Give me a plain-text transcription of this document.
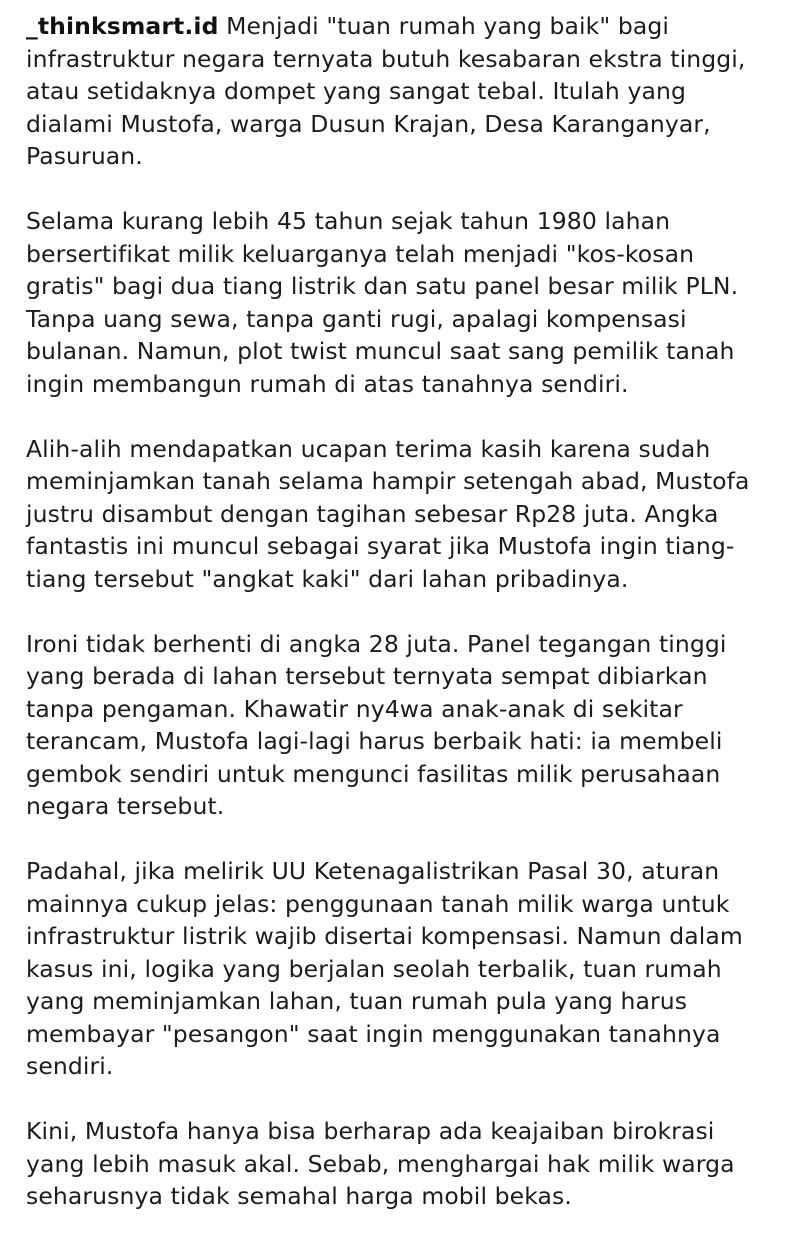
_thinksmart.id Menjadi "tuan rumah yang baik" bagi
infrastruktur negara ternyata butuh kesabaran ekstra tinggi,
atau setidaknya dompet yang sangat tebal. Itulah yang
dialami Mustofa, warga Dusun Krajan, Desa Karanganyar,
Pasuruan.

Selama kurang lebih 45 tahun sejak tahun 1980 lahan
bersertifikat milik keluarganya telah menjadi "kos-kosan
gratis" bagi dua tiang listrik dan satu panel besar milik PLN.
Tanpa uang sewa, tanpa ganti rugi, apalagi kompensasi
bulanan. Namun, plot twist muncul saat sang pemilik tanah
ingin membangun rumah di atas tanahnya sendiri.

Alih-alih mendapatkan ucapan terima kasih karena sudah
meminjamkan tanah selama hampir setengah abad, Mustofa
justru disambut dengan tagihan sebesar Rp28 juta. Angka
fantastis ini muncul sebagai syarat jika Mustofa ingin tiang-
tiang tersebut "angkat kaki" dari lahan pribadinya.

Ironi tidak berhenti di angka 28 juta. Panel tegangan tinggi
yang berada di lahan tersebut ternyata sempat dibiarkan
tanpa pengaman. Khawatir ny4wa anak-anak di sekitar
terancam, Mustofa lagi-lagi harus berbaik hati: ia membeli
gembok sendiri untuk mengunci fasilitas milik perusahaan
negara tersebut.

Padahal, jika melirik UU Ketenagalistrikan Pasal 30, aturan
mainnya cukup jelas: penggunaan tanah milik warga untuk
infrastruktur listrik wajib disertai kompensasi. Namun dalam
kasus ini, logika yang berjalan seolah terbalik, tuan rumah
yang meminjamkan lahan, tuan rumah pula yang harus
membayar "pesangon" saat ingin menggunakan tanahnya
sendiri.

Kini, Mustofa hanya bisa berharap ada keajaiban birokrasi
yang lebih masuk akal. Sebab, menghargai hak milik warga
seharusnya tidak semahal harga mobil bekas.
